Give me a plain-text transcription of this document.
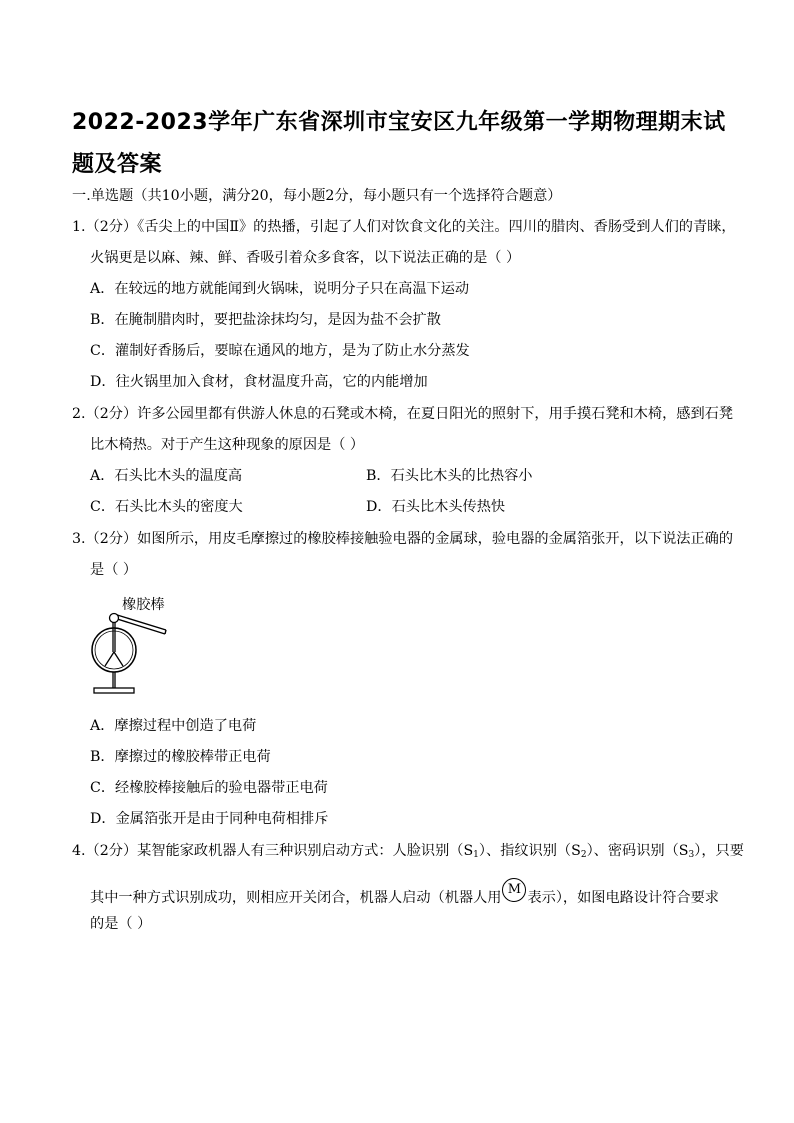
2022-2023学年广东省深圳市宝安区九年级第一学期物理期末试题及答案
一.单选题（共10小题，满分20，每小题2分，每小题只有一个选择符合题意）
1.（2分）《舌尖上的中国Ⅱ》的热播，引起了人们对饮食文化的关注。四川的腊肉、香肠受到人们的青睐，
火锅更是以麻、辣、鲜、香吸引着众多食客，以下说法正确的是（ ）
A．在较远的地方就能闻到火锅味，说明分子只在高温下运动
B．在腌制腊肉时，要把盐涂抹均匀，是因为盐不会扩散
C．灌制好香肠后，要晾在通风的地方，是为了防止水分蒸发
D．往火锅里加入食材，食材温度升高，它的内能增加
2.（2分）许多公园里都有供游人休息的石凳或木椅，在夏日阳光的照射下，用手摸石凳和木椅，感到石凳
比木椅热。对于产生这种现象的原因是（ ）
A．石头比木头的温度高	B．石头比木头的比热容小
C．石头比木头的密度大	D．石头比木头传热快
3.（2分）如图所示，用皮毛摩擦过的橡胶棒接触验电器的金属球，验电器的金属箔张开，以下说法正确的
是（ ）
橡胶棒
A．摩擦过程中创造了电荷
B．摩擦过的橡胶棒带正电荷
C．经橡胶棒接触后的验电器带正电荷
D．金属箔张开是由于同种电荷相排斥
4.（2分）某智能家政机器人有三种识别启动方式：人脸识别$(S_1)$、指纹识别$(S_2)$、密码识别$(S_3)$，只要
其中一种方式识别成功，则相应开关闭合，机器人启动（机器人用M表示），如图电路设计符合要求
的是（ ）
